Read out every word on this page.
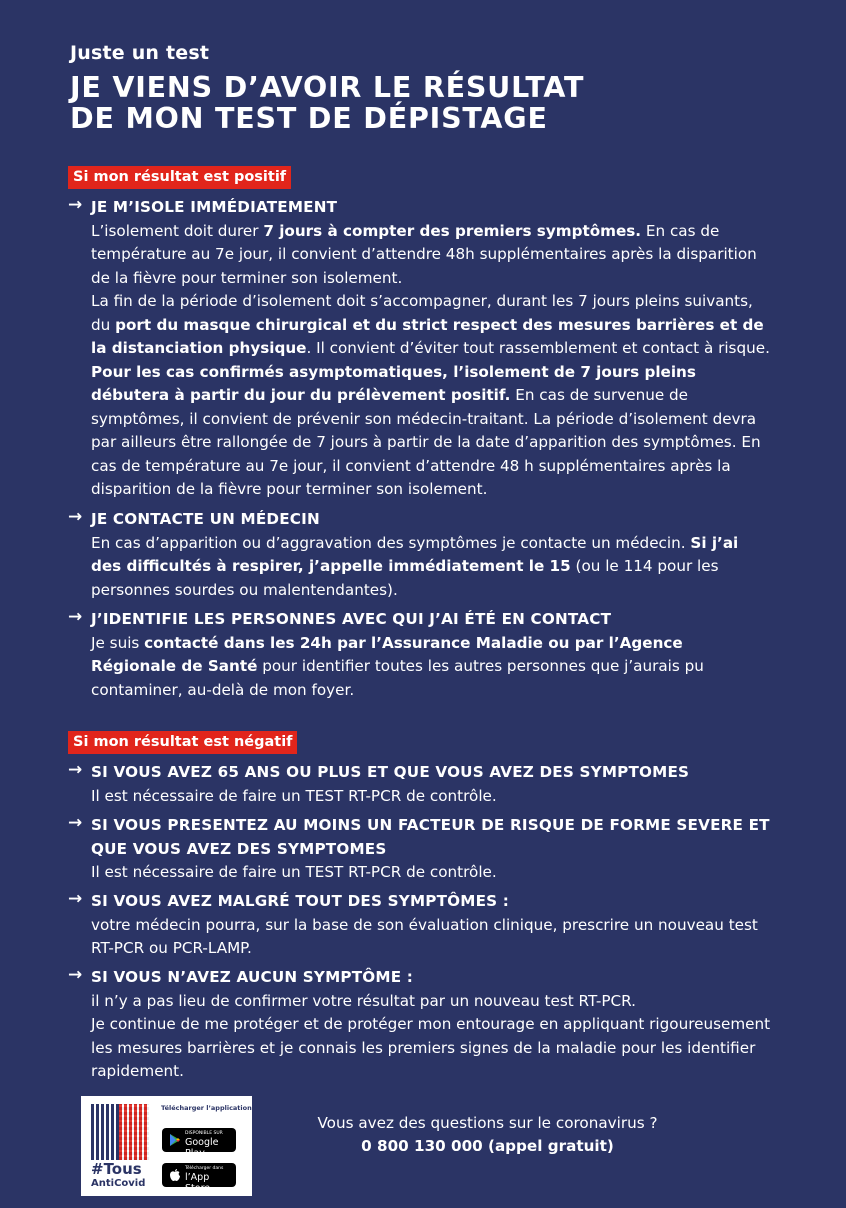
Juste un test
JE VIENS D’AVOIR LE RÉSULTAT
DE MON TEST DE DÉPISTAGE
Si mon résultat est positif
→ JE M’ISOLE IMMÉDIATEMENT
L’isolement doit durer 7 jours à compter des premiers symptômes. En cas de température au 7e jour, il convient d’attendre 48h supplémentaires après la disparition de la fièvre pour terminer son isolement.
La fin de la période d’isolement doit s’accompagner, durant les 7 jours pleins suivants, du port du masque chirurgical et du strict respect des mesures barrières et de la distanciation physique. Il convient d’éviter tout rassemblement et contact à risque.
Pour les cas confirmés asymptomatiques, l’isolement de 7 jours pleins débutera à partir du jour du prélèvement positif. En cas de survenue de symptômes, il convient de prévenir son médecin-traitant. La période d’isolement devra par ailleurs être rallongée de 7 jours à partir de la date d’apparition des symptômes. En cas de température au 7e jour, il convient d’attendre 48 h supplémentaires après la disparition de la fièvre pour terminer son isolement.
→ JE CONTACTE UN MÉDECIN
En cas d’apparition ou d’aggravation des symptômes je contacte un médecin. Si j’ai des difficultés à respirer, j’appelle immédiatement le 15 (ou le 114 pour les personnes sourdes ou malentendantes).
→ J’IDENTIFIE LES PERSONNES AVEC QUI J’AI ÉTÉ EN CONTACT
Je suis contacté dans les 24h par l’Assurance Maladie ou par l’Agence Régionale de Santé pour identifier toutes les autres personnes que j’aurais pu contaminer, au-delà de mon foyer.
Si mon résultat est négatif
→ SI VOUS AVEZ 65 ANS OU PLUS ET QUE VOUS AVEZ DES SYMPTOMES
Il est nécessaire de faire un TEST RT-PCR de contrôle.
→ SI VOUS PRESENTEZ AU MOINS UN FACTEUR DE RISQUE DE FORME SEVERE ET QUE VOUS AVEZ DES SYMPTOMES
Il est nécessaire de faire un TEST RT-PCR de contrôle.
→ SI VOUS AVEZ MALGRÉ TOUT DES SYMPTÔMES :
votre médecin pourra, sur la base de son évaluation clinique, prescrire un nouveau test RT-PCR ou PCR-LAMP.
→ SI VOUS N’AVEZ AUCUN SYMPTÔME :
il n’y a pas lieu de confirmer votre résultat par un nouveau test RT-PCR.
Je continue de me protéger et de protéger mon entourage en appliquant rigoureusement les mesures barrières et je connais les premiers signes de la maladie pour les identifier rapidement.
#Tous
AntiCovid
Télécharger l’application
DISPONIBLE SUR
Google Play
Télécharger dans
l’App Store
Vous avez des questions sur le coronavirus ?
0 800 130 000 (appel gratuit)
